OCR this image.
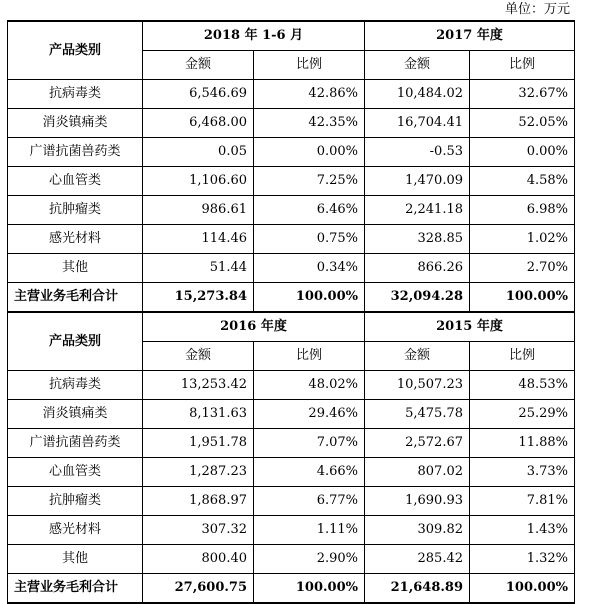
单位：万元
产品类别	2018 年 1-6 月		2017 年度	
	金额	比例	金额	比例
抗病毒类	6,546.69	42.86%	10,484.02	32.67%
消炎镇痛类	6,468.00	42.35%	16,704.41	52.05%
广谱抗菌兽药类	0.05	0.00%	-0.53	0.00%
心血管类	1,106.60	7.25%	1,470.09	4.58%
抗肿瘤类	986.61	6.46%	2,241.18	6.98%
感光材料	114.46	0.75%	328.85	1.02%
其他	51.44	0.34%	866.26	2.70%
主营业务毛利合计	15,273.84	100.00%	32,094.28	100.00%
产品类别	2016 年度		2015 年度	
	金额	比例	金额	比例
抗病毒类	13,253.42	48.02%	10,507.23	48.53%
消炎镇痛类	8,131.63	29.46%	5,475.78	25.29%
广谱抗菌兽药类	1,951.78	7.07%	2,572.67	11.88%
心血管类	1,287.23	4.66%	807.02	3.73%
抗肿瘤类	1,868.97	6.77%	1,690.93	7.81%
感光材料	307.32	1.11%	309.82	1.43%
其他	800.40	2.90%	285.42	1.32%
主营业务毛利合计	27,600.75	100.00%	21,648.89	100.00%
